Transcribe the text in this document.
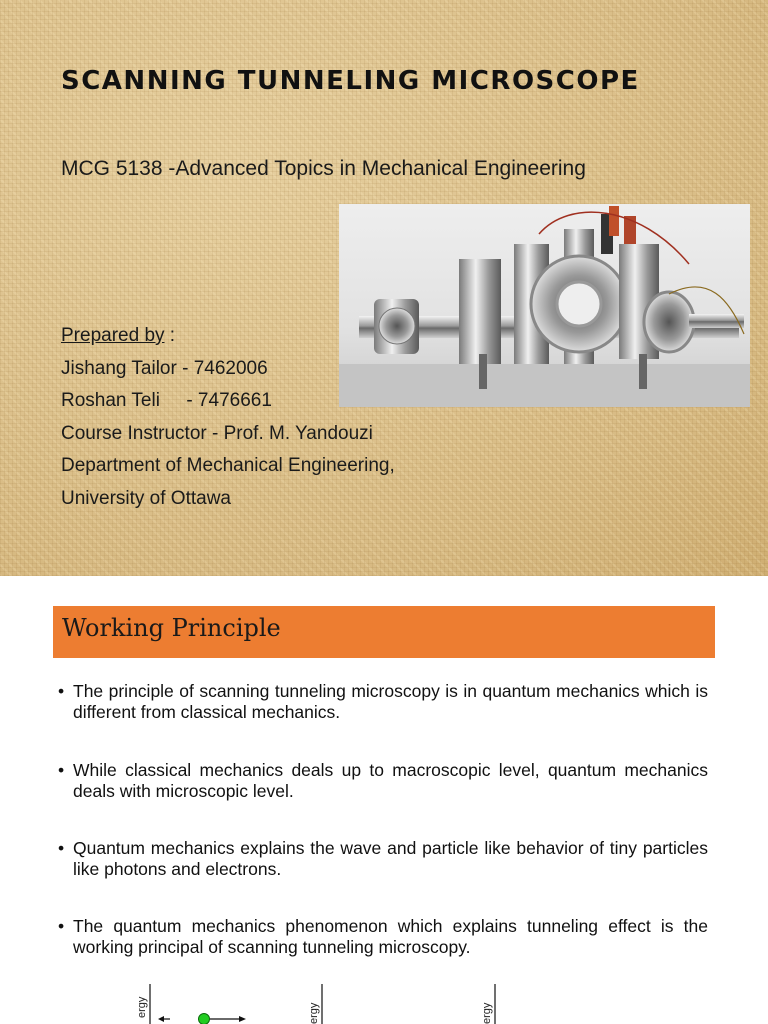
SCANNING TUNNELING MICROSCOPE
MCG 5138 -Advanced Topics in Mechanical Engineering
Prepared by :
Jishang Tailor - 7462006
Roshan Teli     - 7476661
Course Instructor - Prof. M. Yandouzi
Department of Mechanical Engineering,
University of Ottawa
Working Principle
• The principle of scanning tunneling microscopy is in quantum mechanics which is different from classical mechanics.
• While classical mechanics deals up to macroscopic level, quantum mechanics deals with microscopic level.
• Quantum mechanics explains the wave and particle like behavior of tiny particles like photons and electrons.
• The quantum mechanics phenomenon which explains tunneling effect is the working principal of scanning tunneling microscopy.
ergy	ergy	ergy
